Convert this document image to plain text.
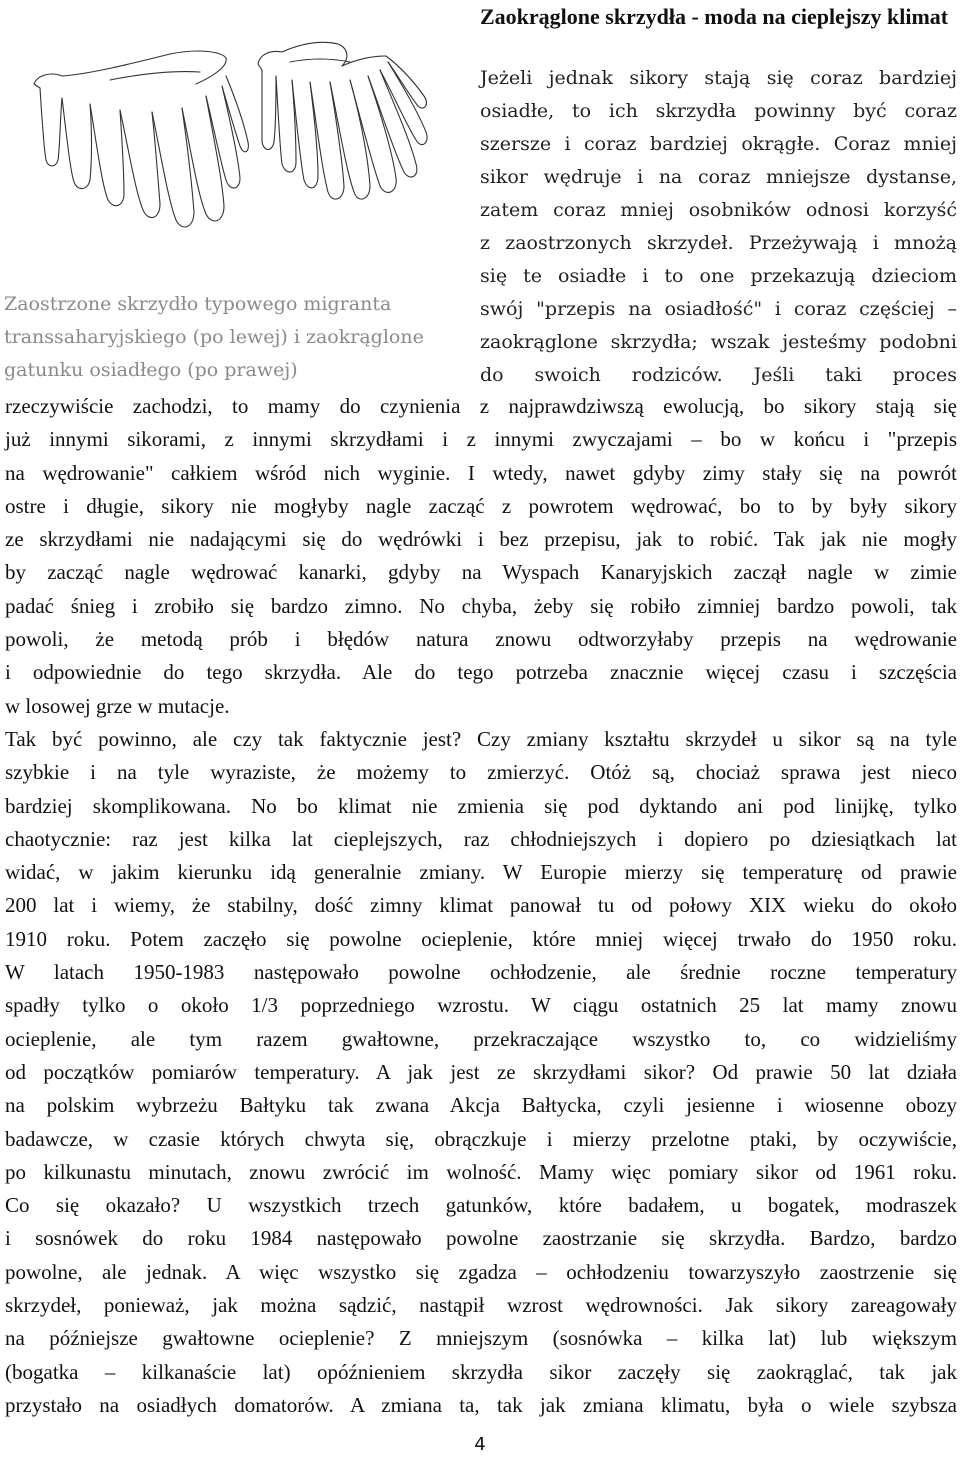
Zaostrzone skrzydło typowego migranta
transsaharyjskiego (po lewej) i zaokrąglone
gatunku osiadłego (po prawej)
Zaokrąglone skrzydła - moda na cieplejszy klimat
Jeżeli jednak sikory stają się coraz bardziej
osiadłe, to ich skrzydła powinny być coraz
szersze i coraz bardziej okrągłe. Coraz mniej
sikor wędruje i na coraz mniejsze dystanse,
zatem coraz mniej osobników odnosi korzyść
z zaostrzonych skrzydeł. Przeżywają i mnożą
się te osiadłe i to one przekazują dzieciom
swój "przepis na osiadłość" i coraz częściej –
zaokrąglone skrzydła; wszak jesteśmy podobni
do swoich rodziców. Jeśli taki proces
rzeczywiście zachodzi, to mamy do czynienia z najprawdziwszą ewolucją, bo sikory stają się
już innymi sikorami, z innymi skrzydłami i z innymi zwyczajami – bo w końcu i "przepis
na wędrowanie" całkiem wśród nich wyginie. I wtedy, nawet gdyby zimy stały się na powrót
ostre i długie, sikory nie mogłyby nagle zacząć z powrotem wędrować, bo to by były sikory
ze skrzydłami nie nadającymi się do wędrówki i bez przepisu, jak to robić. Tak jak nie mogły
by zacząć nagle wędrować kanarki, gdyby na Wyspach Kanaryjskich zaczął nagle w zimie
padać śnieg i zrobiło się bardzo zimno. No chyba, żeby się robiło zimniej bardzo powoli, tak
powoli, że metodą prób i błędów natura znowu odtworzyłaby przepis na wędrowanie
i odpowiednie do tego skrzydła. Ale do tego potrzeba znacznie więcej czasu i szczęścia
w losowej grze w mutacje.
Tak być powinno, ale czy tak faktycznie jest? Czy zmiany kształtu skrzydeł u sikor są na tyle
szybkie i na tyle wyraziste, że możemy to zmierzyć. Otóż są, chociaż sprawa jest nieco
bardziej skomplikowana. No bo klimat nie zmienia się pod dyktando ani pod linijkę, tylko
chaotycznie: raz jest kilka lat cieplejszych, raz chłodniejszych i dopiero po dziesiątkach lat
widać, w jakim kierunku idą generalnie zmiany. W Europie mierzy się temperaturę od prawie
200 lat i wiemy, że stabilny, dość zimny klimat panował tu od połowy XIX wieku do około
1910 roku. Potem zaczęło się powolne ocieplenie, które mniej więcej trwało do 1950 roku.
W latach 1950-1983 następowało powolne ochłodzenie, ale średnie roczne temperatury
spadły tylko o około 1/3 poprzedniego wzrostu. W ciągu ostatnich 25 lat mamy znowu
ocieplenie, ale tym razem gwałtowne, przekraczające wszystko to, co widzieliśmy
od początków pomiarów temperatury. A jak jest ze skrzydłami sikor? Od prawie 50 lat działa
na polskim wybrzeżu Bałtyku tak zwana Akcja Bałtycka, czyli jesienne i wiosenne obozy
badawcze, w czasie których chwyta się, obrączkuje i mierzy przelotne ptaki, by oczywiście,
po kilkunastu minutach, znowu zwrócić im wolność. Mamy więc pomiary sikor od 1961 roku.
Co się okazało? U wszystkich trzech gatunków, które badałem, u bogatek, modraszek
i sosnówek do roku 1984 następowało powolne zaostrzanie się skrzydła. Bardzo, bardzo
powolne, ale jednak. A więc wszystko się zgadza – ochłodzeniu towarzyszyło zaostrzenie się
skrzydeł, ponieważ, jak można sądzić, nastąpił wzrost wędrowności. Jak sikory zareagowały
na późniejsze gwałtowne ocieplenie? Z mniejszym (sosnówka – kilka lat) lub większym
(bogatka – kilkanaście lat) opóźnieniem skrzydła sikor zaczęły się zaokrąglać, tak jak
przystało na osiadłych domatorów. A zmiana ta, tak jak zmiana klimatu, była o wiele szybsza
4
